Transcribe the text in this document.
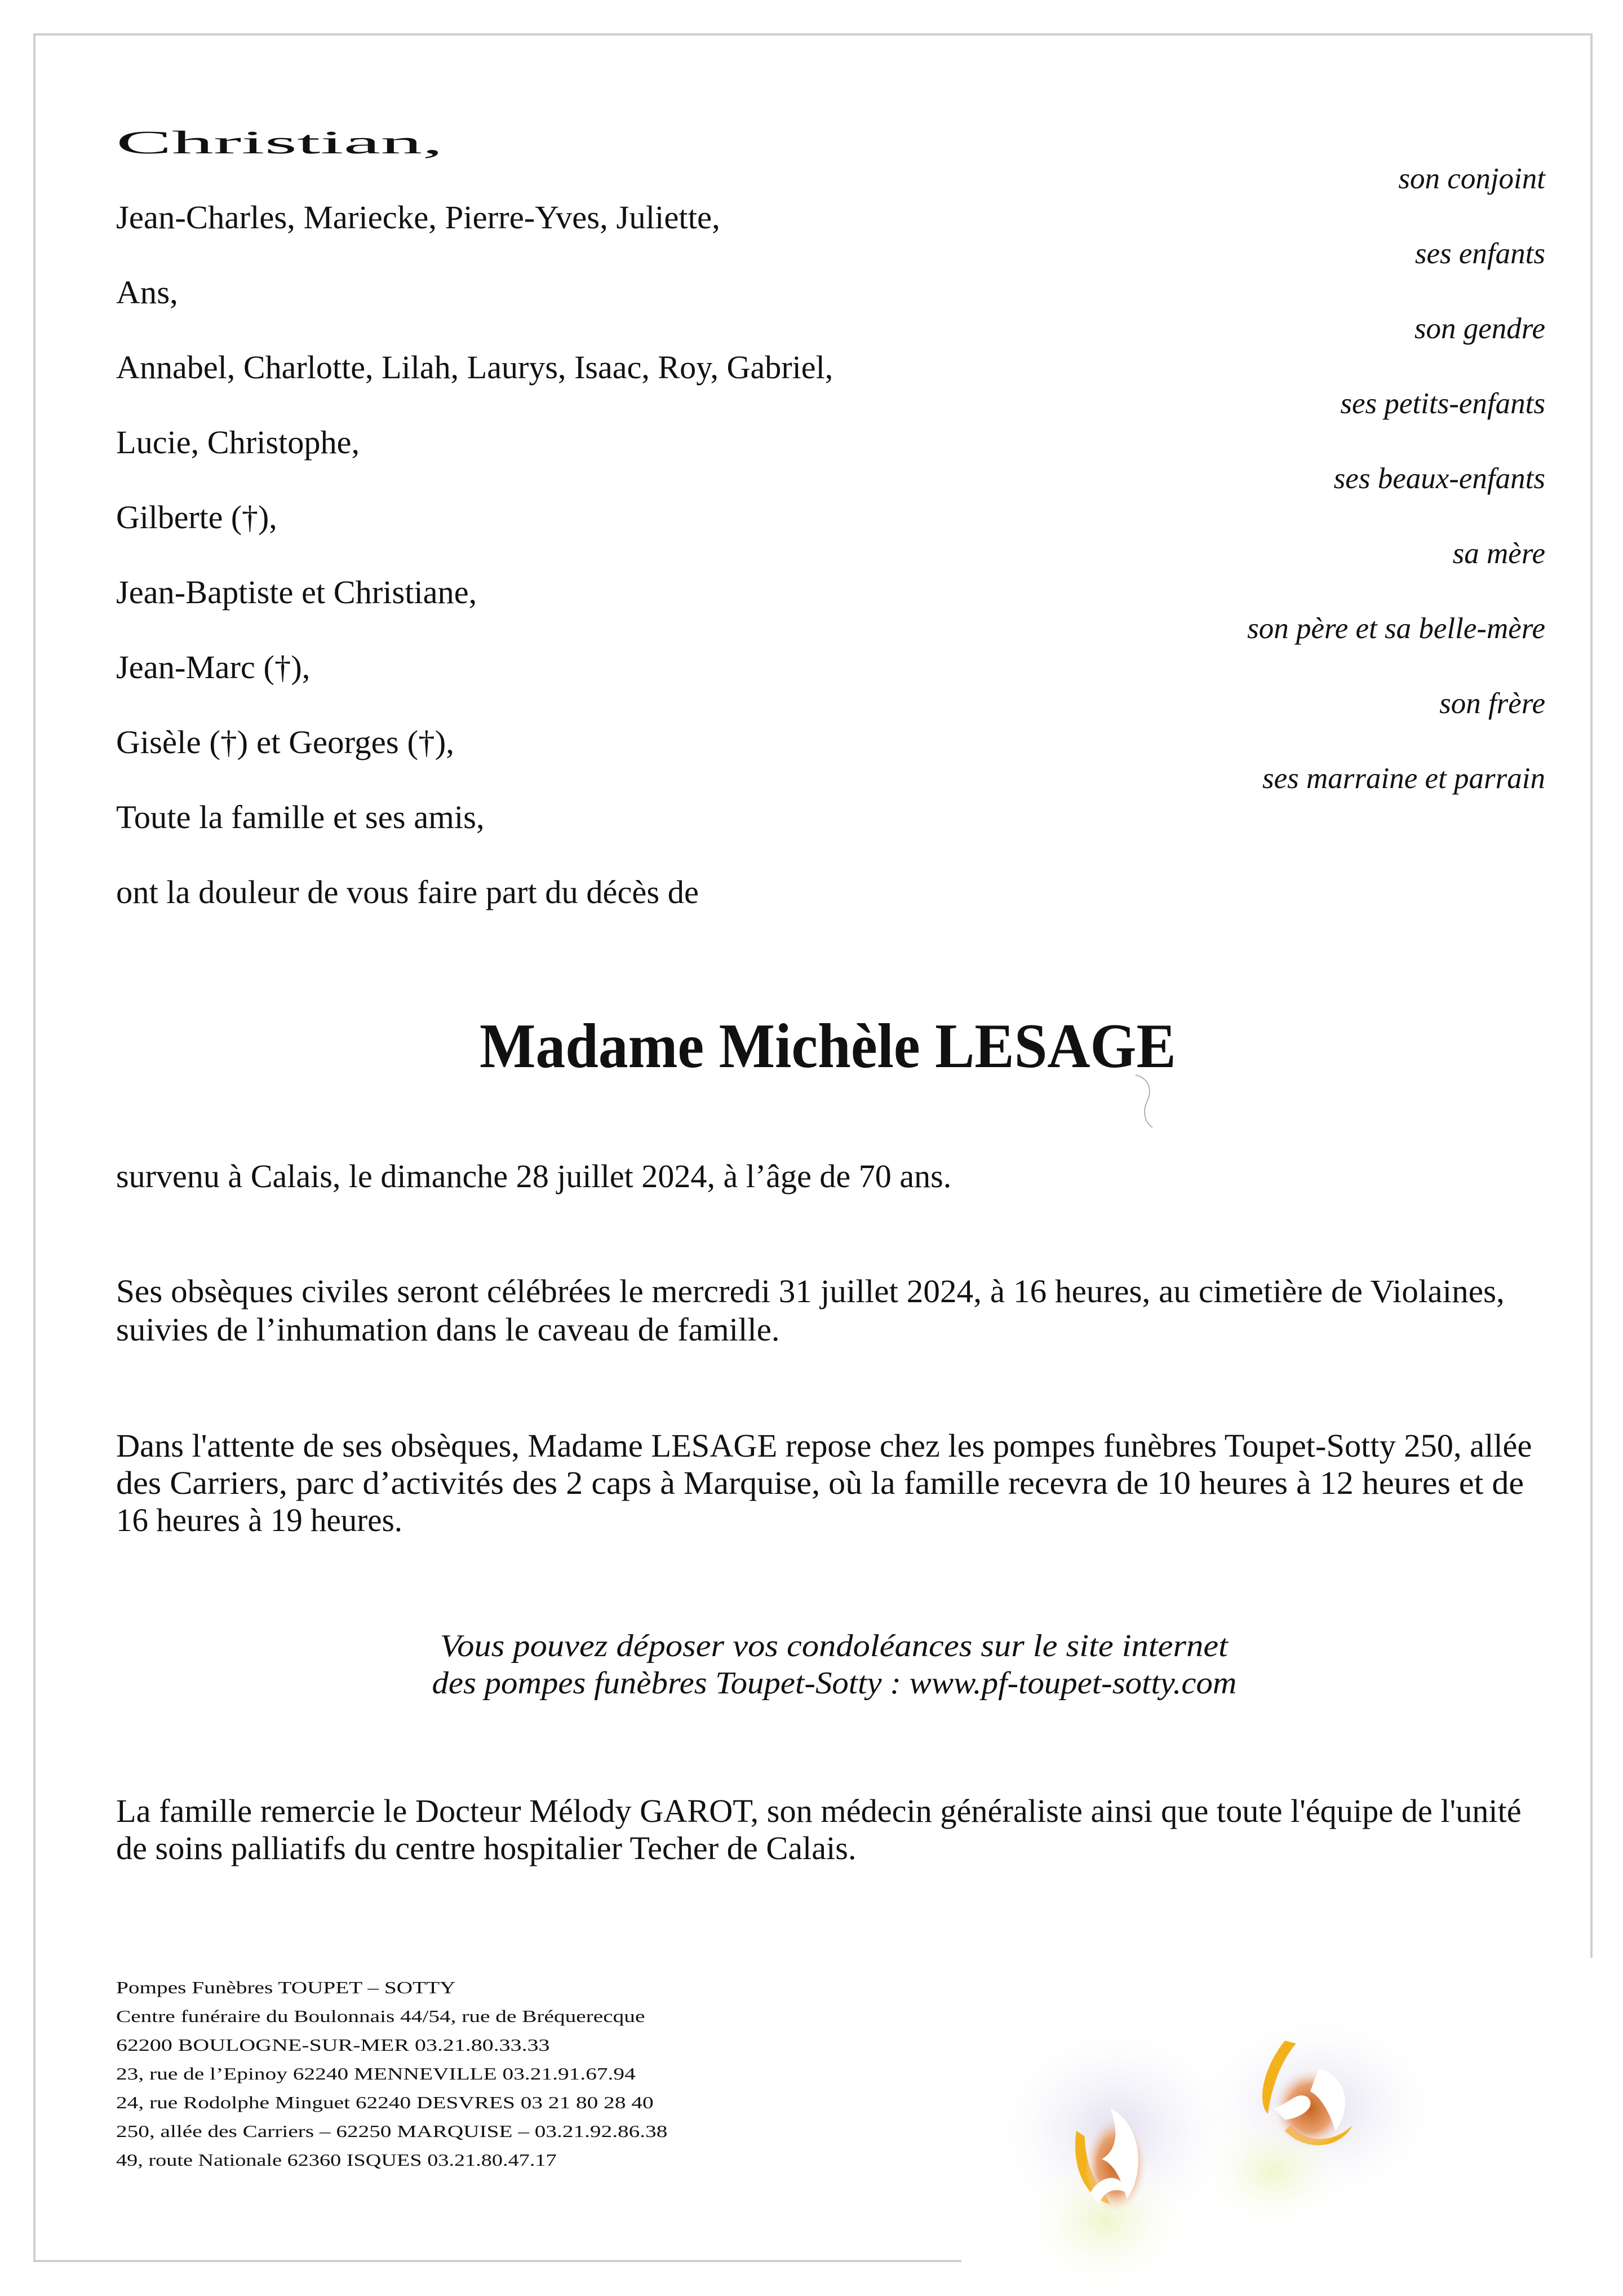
Christian,
Jean-Charles, Mariecke, Pierre-Yves, Juliette,
Ans,
Annabel, Charlotte, Lilah, Laurys, Isaac, Roy, Gabriel,
Lucie, Christophe,
Gilberte (†),
Jean-Baptiste et Christiane,
Jean-Marc (†),
Gisèle (†) et Georges (†),
Toute la famille et ses amis,
ont la douleur de vous faire part du décès de
son conjoint
ses enfants
son gendre
ses petits-enfants
ses beaux-enfants
sa mère
son père et sa belle-mère
son frère
ses marraine et parrain
Madame Michèle LESAGE

survenu à Calais, le dimanche 28 juillet 2024, à l’âge de 70 ans.

Ses obsèques civiles seront célébrées le mercredi 31 juillet 2024, à 16 heures, au cimetière de Violaines,
suivies de l’inhumation dans le caveau de famille.
Dans l'attente de ses obsèques, Madame LESAGE repose chez les pompes funèbres Toupet-Sotty 250, allée
des Carriers, parc d’activités des 2 caps à Marquise, où la famille recevra de 10 heures à 12 heures et de
16 heures à 19 heures.
Vous pouvez déposer vos condoléances sur le site internet
des pompes funèbres Toupet-Sotty : www.pf-toupet-sotty.com
La famille remercie le Docteur Mélody GAROT, son médecin généraliste ainsi que toute l'équipe de l'unité
de soins palliatifs du centre hospitalier Techer de Calais.
Pompes Funèbres TOUPET – SOTTY
Centre funéraire du Boulonnais 44/54, rue de Bréquerecque
62200 BOULOGNE-SUR-MER 03.21.80.33.33
23, rue de l’Epinoy 62240 MENNEVILLE 03.21.91.67.94
24, rue Rodolphe Minguet 62240 DESVRES 03 21 80 28 40
250, allée des Carriers – 62250 MARQUISE – 03.21.92.86.38
49, route Nationale 62360 ISQUES 03.21.80.47.17
